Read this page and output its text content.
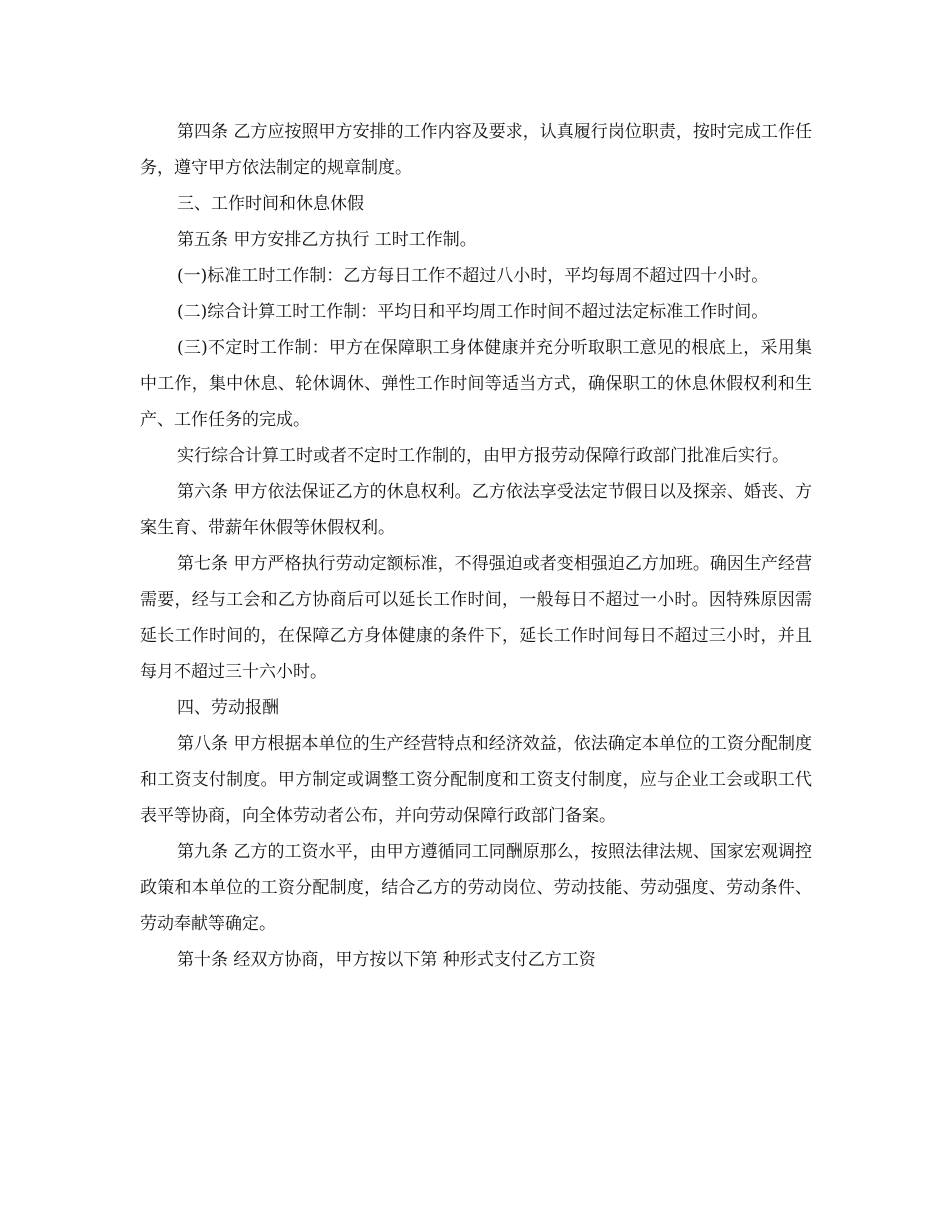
第四条 乙方应按照甲方安排的工作内容及要求，认真履行岗位职责，按时完成工作任务，遵守甲方依法制定的规章制度。

三、工作时间和休息休假

第五条 甲方安排乙方执行 工时工作制。

(一)标准工时工作制：乙方每日工作不超过八小时，平均每周不超过四十小时。

(二)综合计算工时工作制：平均日和平均周工作时间不超过法定标准工作时间。

(三)不定时工作制：甲方在保障职工身体健康并充分听取职工意见的根底上，采用集中工作，集中休息、轮休调休、弹性工作时间等适当方式，确保职工的休息休假权利和生产、工作任务的完成。

实行综合计算工时或者不定时工作制的，由甲方报劳动保障行政部门批准后实行。

第六条 甲方依法保证乙方的休息权利。乙方依法享受法定节假日以及探亲、婚丧、方案生育、带薪年休假等休假权利。

第七条 甲方严格执行劳动定额标准，不得强迫或者变相强迫乙方加班。确因生产经营需要，经与工会和乙方协商后可以延长工作时间，一般每日不超过一小时。因特殊原因需延长工作时间的，在保障乙方身体健康的条件下，延长工作时间每日不超过三小时，并且每月不超过三十六小时。

四、劳动报酬

第八条 甲方根据本单位的生产经营特点和经济效益，依法确定本单位的工资分配制度和工资支付制度。甲方制定或调整工资分配制度和工资支付制度，应与企业工会或职工代表平等协商，向全体劳动者公布，并向劳动保障行政部门备案。

第九条 乙方的工资水平，由甲方遵循同工同酬原那么，按照法律法规、国家宏观调控政策和本单位的工资分配制度，结合乙方的劳动岗位、劳动技能、劳动强度、劳动条件、劳动奉献等确定。

第十条 经双方协商，甲方按以下第 种形式支付乙方工资
